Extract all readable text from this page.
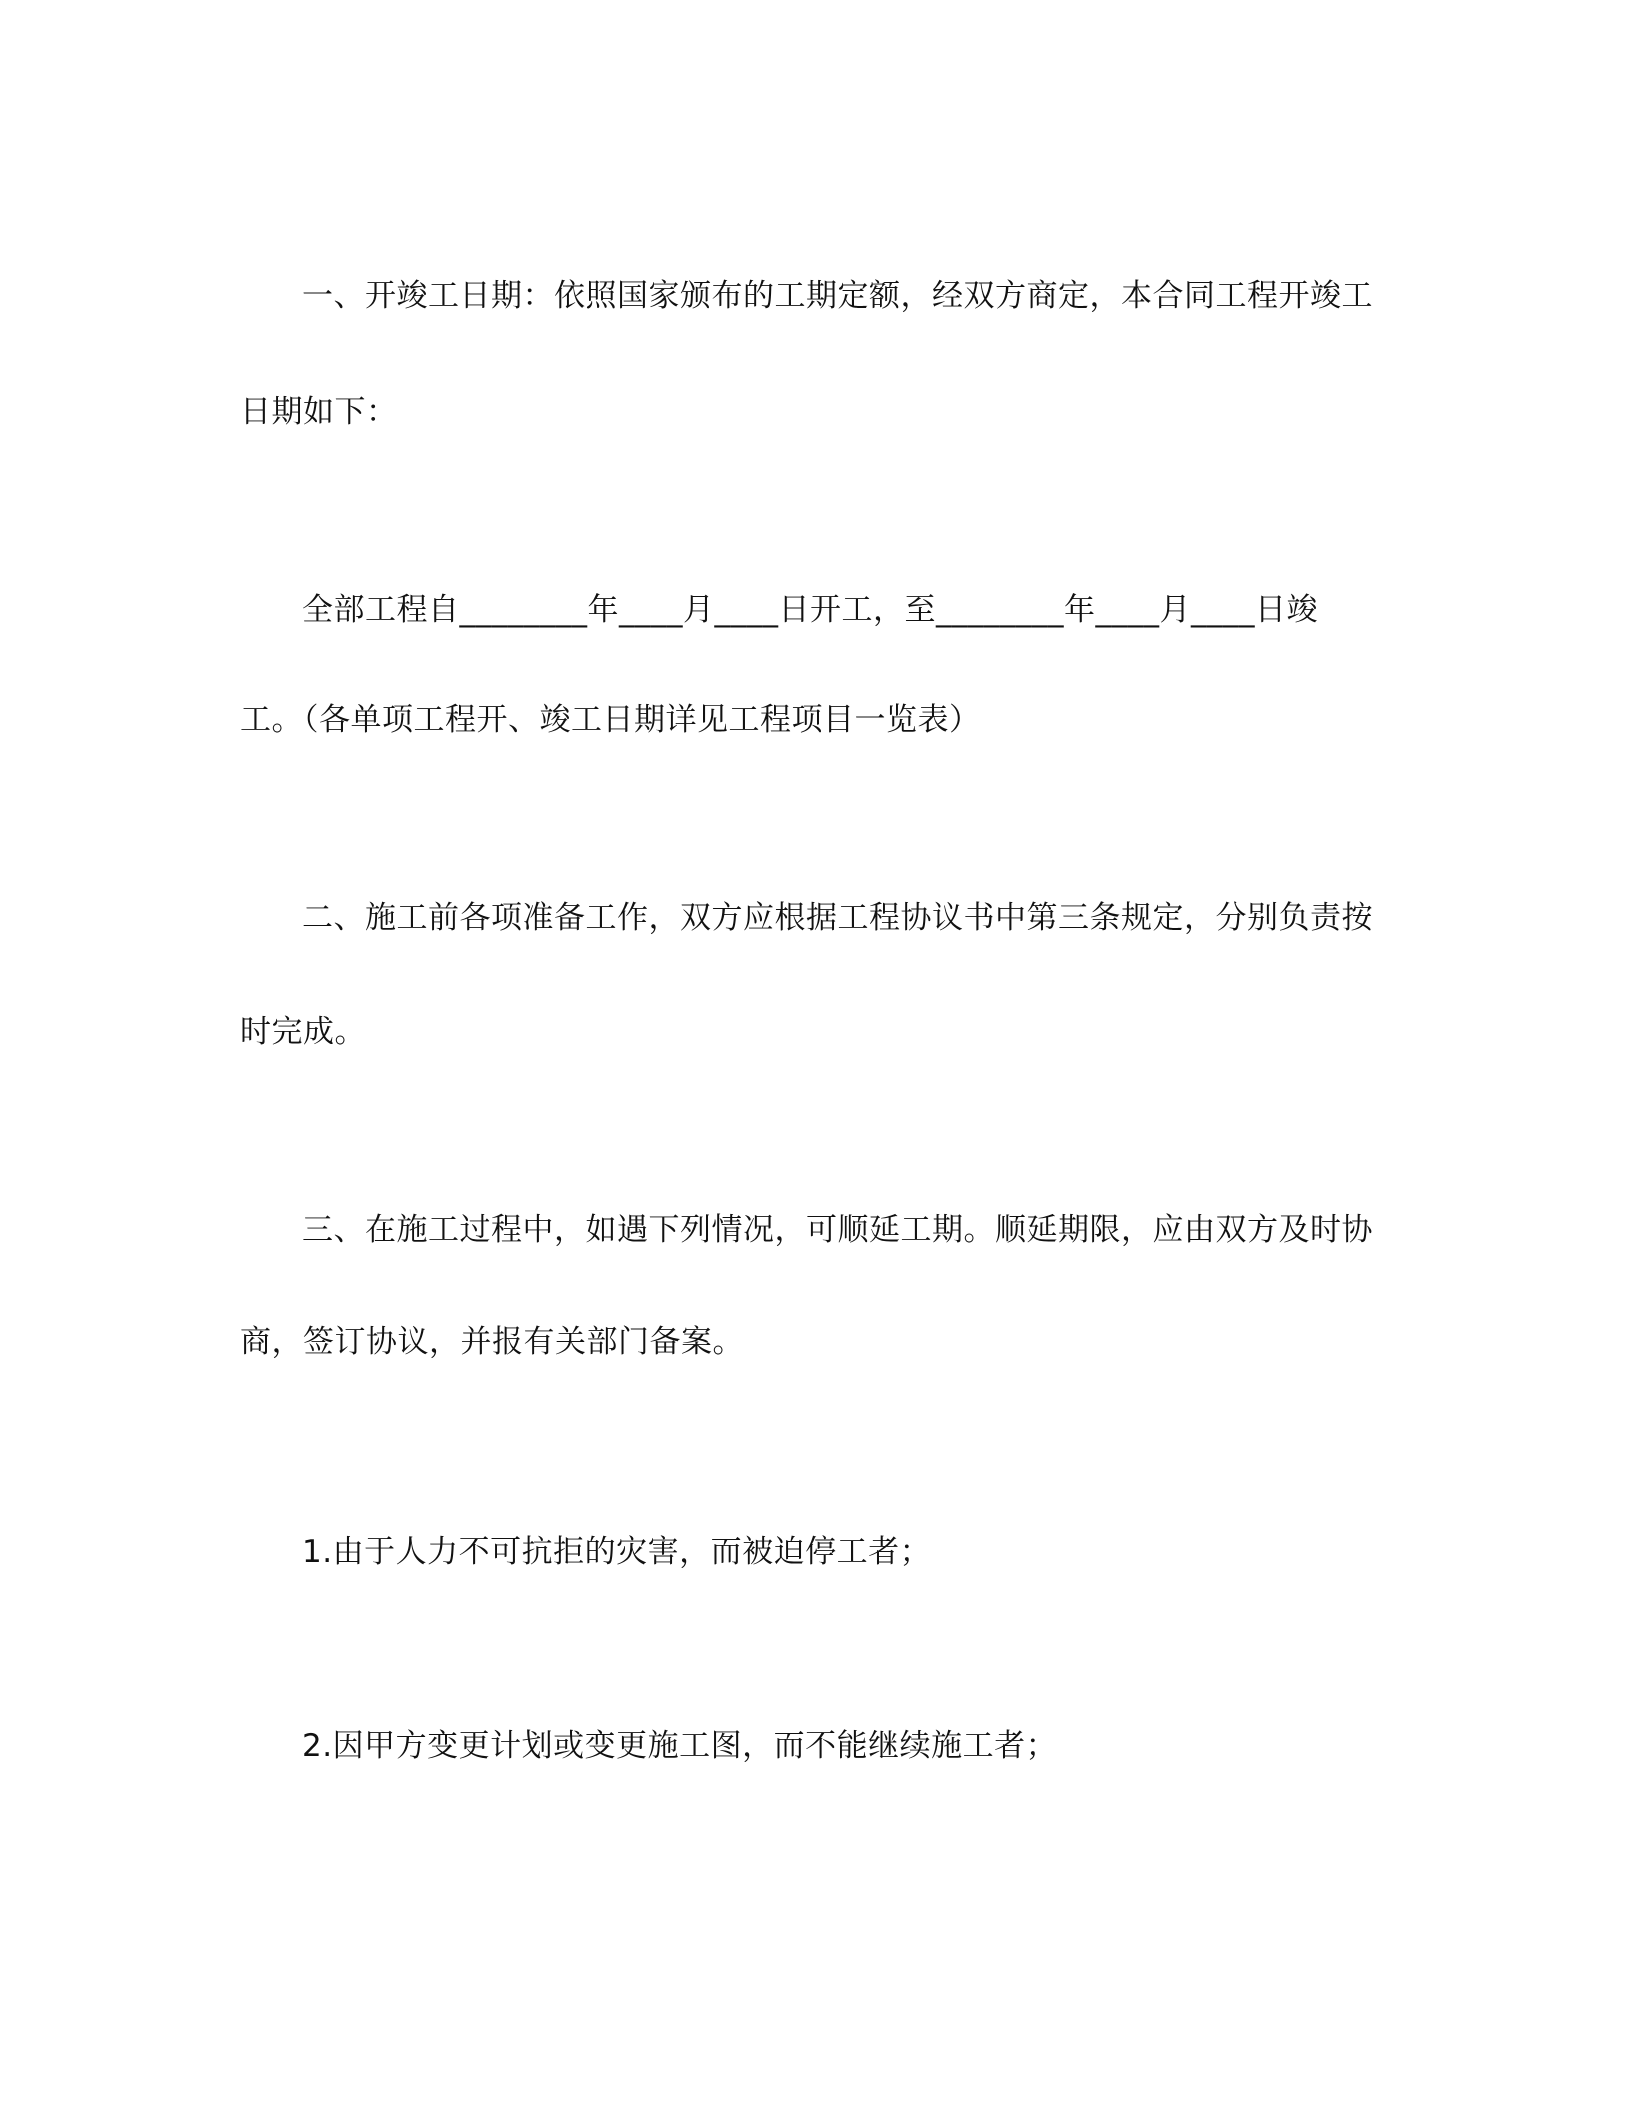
一、开竣工日期：依照国家颁布的工期定额，经双方商定，本合同工程开竣工
日期如下：
全部工程自________年____月____日开工，至________年____月____日竣
工。（各单项工程开、竣工日期详见工程项目一览表）
二、施工前各项准备工作，双方应根据工程协议书中第三条规定，分别负责按
时完成。
三、在施工过程中，如遇下列情况，可顺延工期。顺延期限，应由双方及时协
商，签订协议，并报有关部门备案。
1.由于人力不可抗拒的灾害，而被迫停工者；
2.因甲方变更计划或变更施工图，而不能继续施工者；
